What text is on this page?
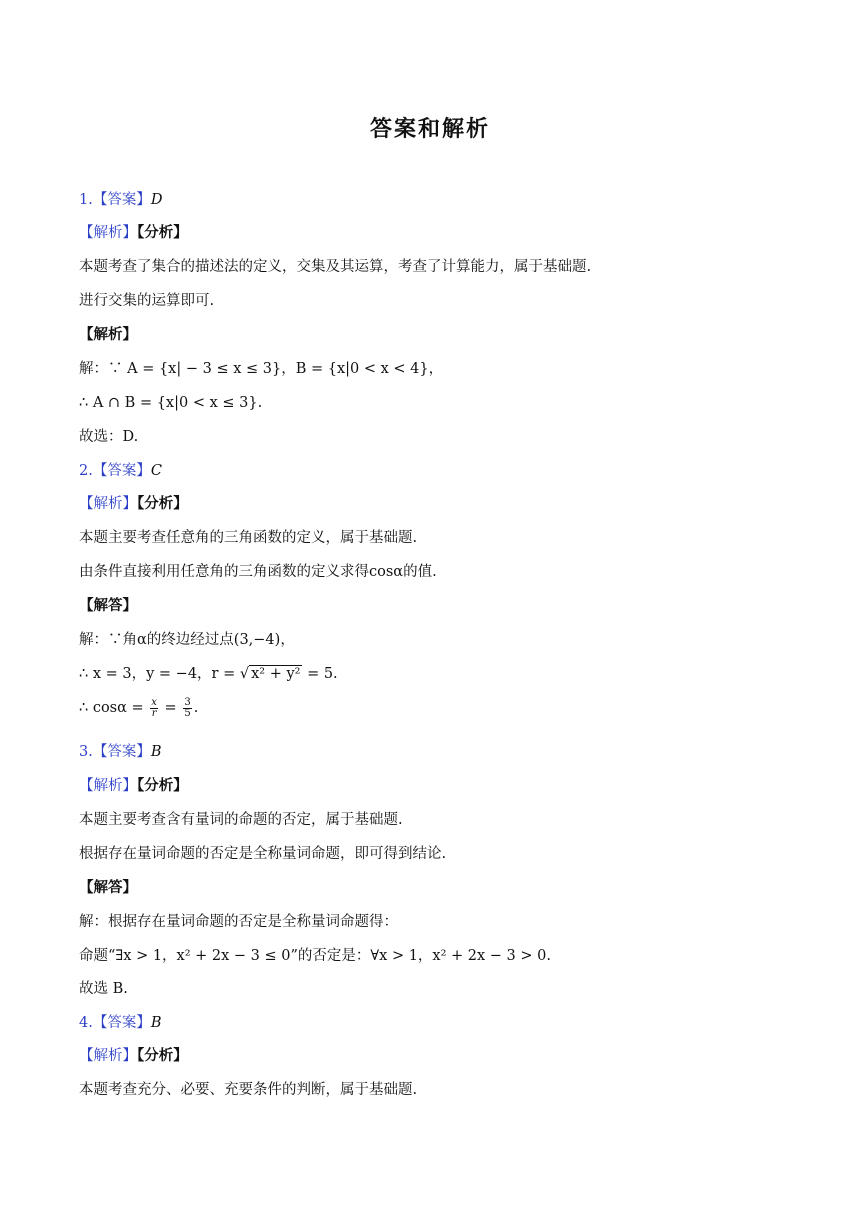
答案和解析
1.【答案】D
【解析】【分析】
本题考查了集合的描述法的定义，交集及其运算，考查了计算能力，属于基础题.
进行交集的运算即可.
【解析】
解：∵ A = {x| − 3 ≤ x ≤ 3}，B = {x|0 < x < 4}，
∴ A ∩ B = {x|0 < x ≤ 3}.
故选：D.
2.【答案】C
【解析】【分析】
本题主要考查任意角的三角函数的定义，属于基础题.
由条件直接利用任意角的三角函数的定义求得cosα的值.
【解答】
解：∵角α的终边经过点(3,−4)，
∴ x = 3，y = −4，r = √ x² + y² = 5.
∴ $\cos\alpha = \frac{x}{r} = \frac{3}{5}$ .
3.【答案】B
【解析】【分析】
本题主要考查含有量词的命题的否定，属于基础题.
根据存在量词命题的否定是全称量词命题，即可得到结论.
【解答】
解：根据存在量词命题的否定是全称量词命题得：
命题“∃x > 1，x² + 2x − 3 ≤ 0”的否定是：∀x > 1，x² + 2x − 3 > 0.
故选 B.
4.【答案】B
【解析】【分析】
本题考查充分、必要、充要条件的判断，属于基础题.
